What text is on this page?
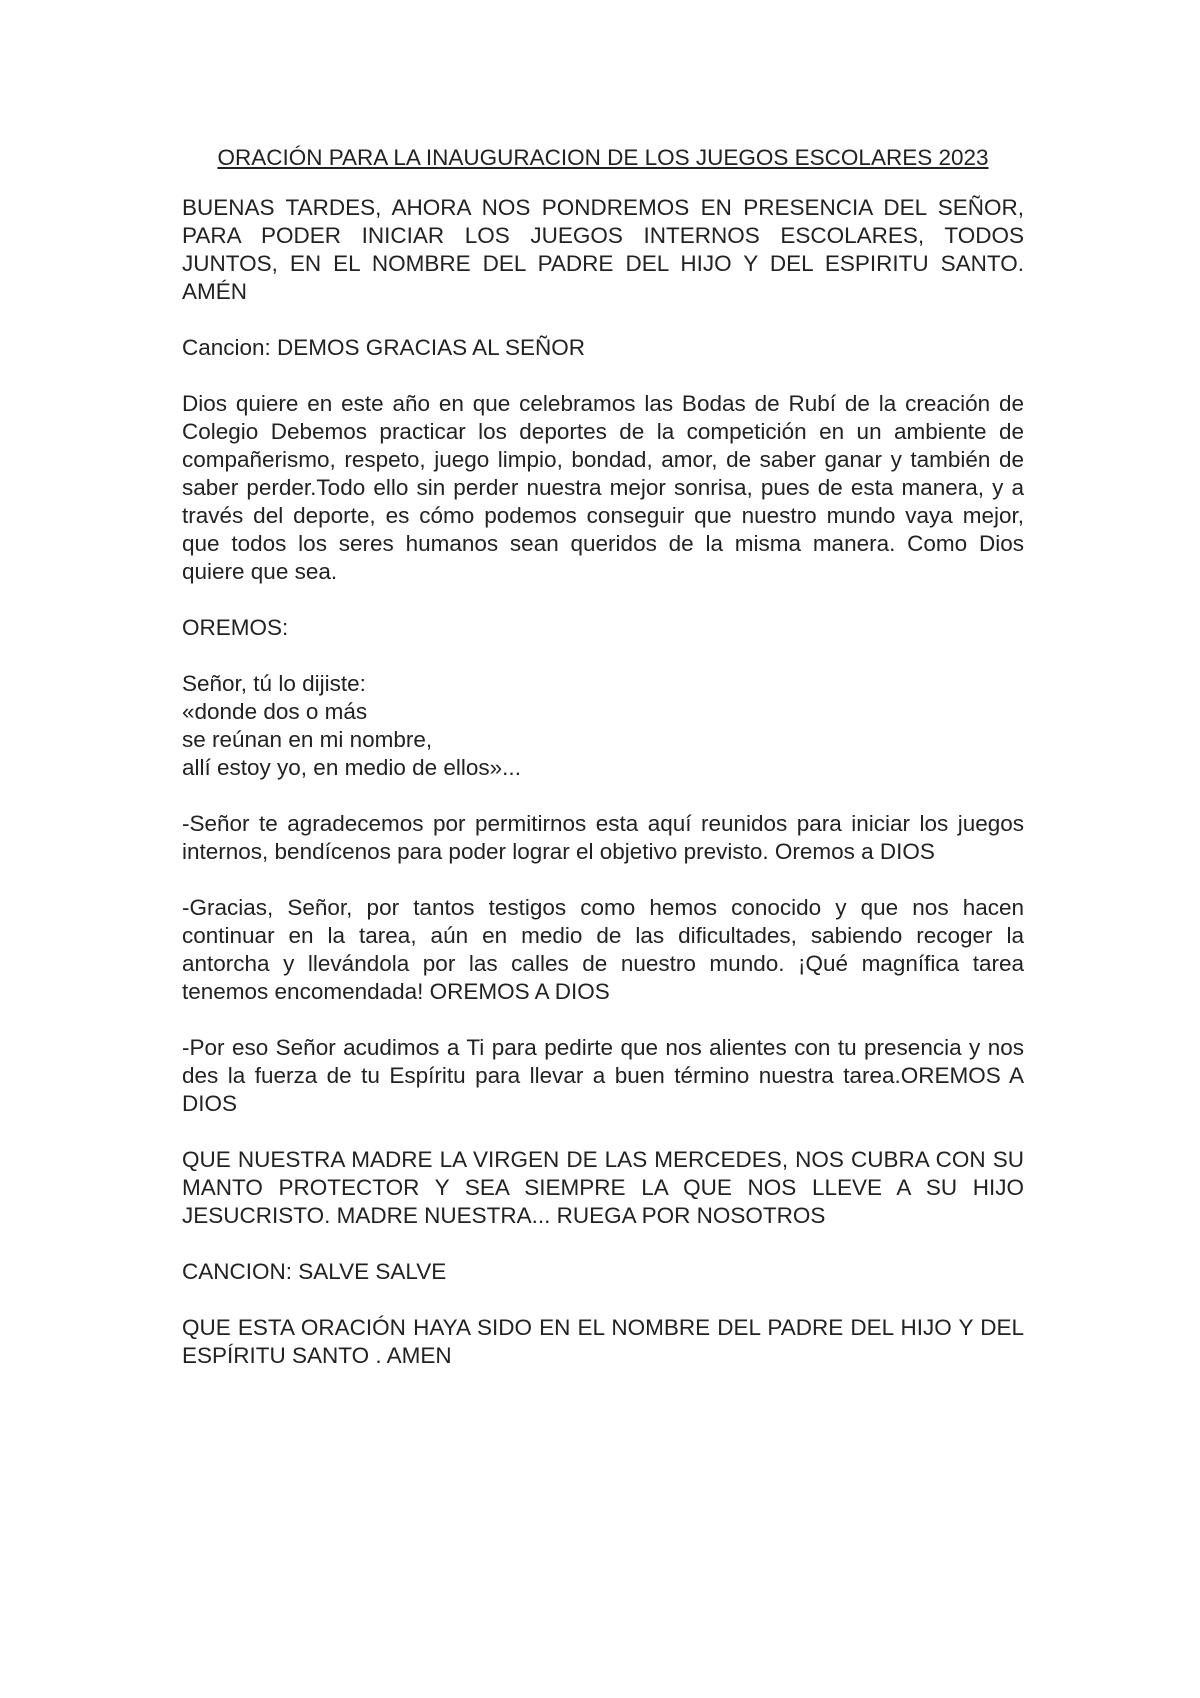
ORACIÓN PARA LA INAUGURACION DE LOS JUEGOS ESCOLARES 2023

BUENAS TARDES, AHORA NOS PONDREMOS EN PRESENCIA DEL SEÑOR, PARA PODER INICIAR LOS JUEGOS INTERNOS ESCOLARES, TODOS JUNTOS, EN EL NOMBRE DEL PADRE DEL HIJO Y DEL ESPIRITU SANTO. AMÉN

Cancion: DEMOS GRACIAS AL SEÑOR

Dios quiere en este año en que celebramos las Bodas de Rubí de la creación de Colegio Debemos practicar los deportes de la competición en un ambiente de compañerismo, respeto, juego limpio, bondad, amor, de saber ganar y también de saber perder.Todo ello sin perder nuestra mejor sonrisa, pues de esta manera, y a través del deporte, es cómo podemos conseguir que nuestro mundo vaya mejor, que todos los seres humanos sean queridos de la misma manera. Como Dios quiere que sea.

OREMOS:

Señor, tú lo dijiste:
«donde dos o más
se reúnan en mi nombre,
allí estoy yo, en medio de ellos»...

-Señor te agradecemos por permitirnos esta aquí reunidos para iniciar los juegos internos, bendícenos para poder lograr el objetivo previsto. Oremos a DIOS

-Gracias, Señor, por tantos testigos como hemos conocido y que nos hacen continuar en la tarea, aún en medio de las dificultades, sabiendo recoger la antorcha y llevándola por las calles de nuestro mundo. ¡Qué magnífica tarea tenemos encomendada! OREMOS A DIOS

-Por eso Señor acudimos a Ti para pedirte que nos alientes con tu presencia y nos des la fuerza de tu Espíritu para llevar a buen término nuestra tarea.OREMOS A DIOS

QUE NUESTRA MADRE LA VIRGEN DE LAS MERCEDES, NOS CUBRA CON SU MANTO PROTECTOR Y SEA SIEMPRE LA QUE NOS LLEVE A SU HIJO JESUCRISTO. MADRE NUESTRA... RUEGA POR NOSOTROS

CANCION: SALVE SALVE

QUE ESTA ORACIÓN HAYA SIDO EN EL NOMBRE DEL PADRE DEL HIJO Y DEL ESPÍRITU SANTO . AMEN
